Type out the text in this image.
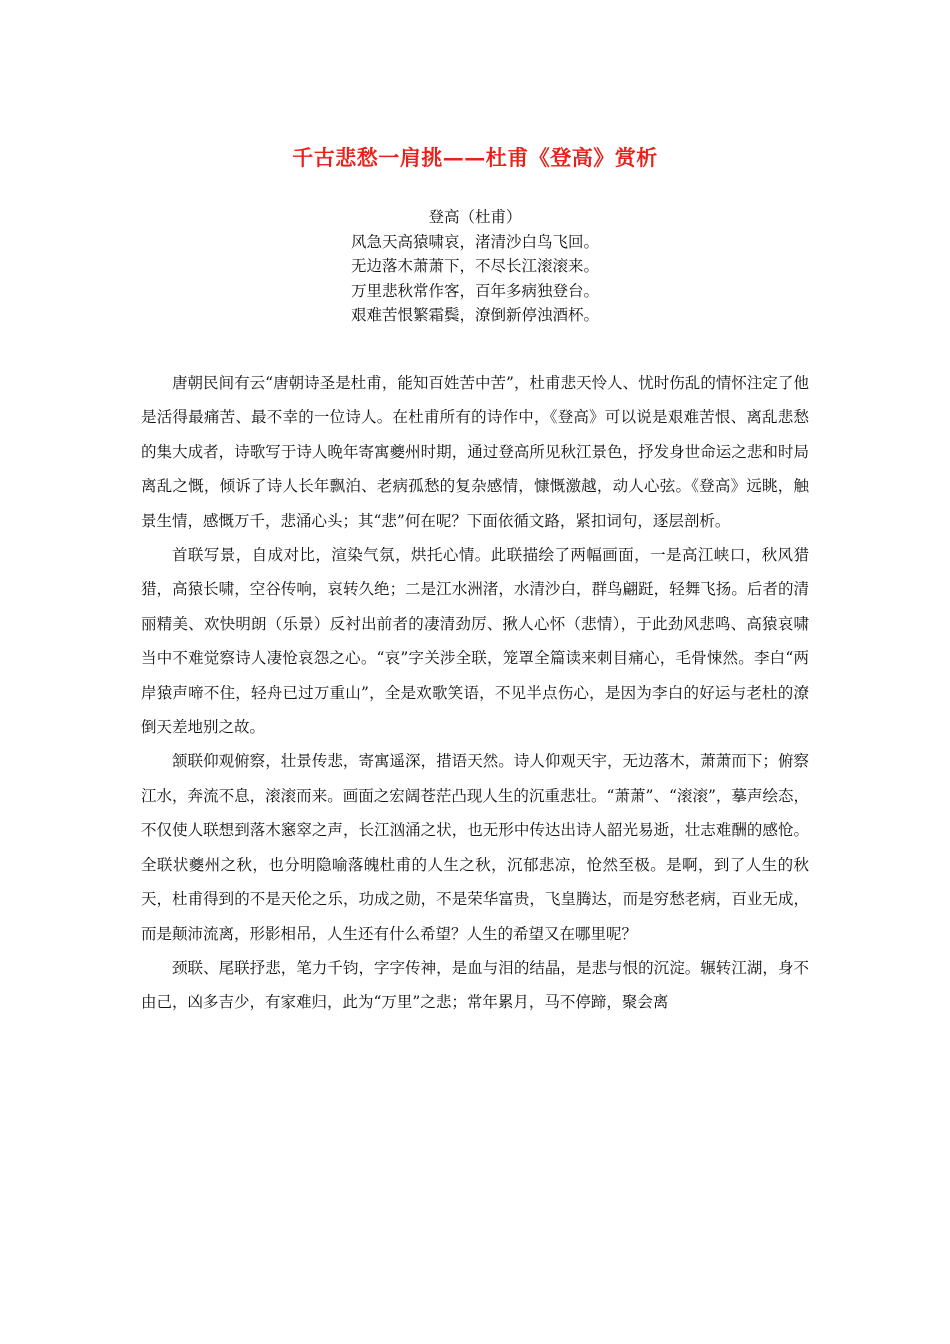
千古悲愁一肩挑——杜甫《登高》赏析
登高（杜甫）
风急天高猿啸哀，渚清沙白鸟飞回。
无边落木萧萧下，不尽长江滚滚来。
万里悲秋常作客，百年多病独登台。
艰难苦恨繁霜鬓，潦倒新停浊酒杯。

唐朝民间有云“唐朝诗圣是杜甫，能知百姓苦中苦”，杜甫悲天怜人、忧时伤乱的情怀注定了他是活得最痛苦、最不幸的一位诗人。在杜甫所有的诗作中，《登高》可以说是艰难苦恨、离乱悲愁的集大成者，诗歌写于诗人晚年寄寓夔州时期，通过登高所见秋江景色，抒发身世命运之悲和时局离乱之慨，倾诉了诗人长年飘泊、老病孤愁的复杂感情，慷慨激越，动人心弦。《登高》远眺，触景生情，感慨万千，悲涌心头；其“悲”何在呢？下面依循文路，紧扣词句，逐层剖析。

首联写景，自成对比，渲染气氛，烘托心情。此联描绘了两幅画面，一是高江峡口，秋风猎猎，高猿长啸，空谷传响，哀转久绝；二是江水洲渚，水清沙白，群鸟翩跹，轻舞飞扬。后者的清丽精美、欢快明朗（乐景）反衬出前者的凄清劲厉、揪人心怀（悲情），于此劲风悲鸣、高猿哀啸当中不难觉察诗人凄怆哀怨之心。“哀”字关涉全联，笼罩全篇读来刺目痛心，毛骨悚然。李白“两岸猿声啼不住，轻舟已过万重山”，全是欢歌笑语，不见半点伤心，是因为李白的好运与老杜的潦倒天差地别之故。

颔联仰观俯察，壮景传悲，寄寓遥深，措语天然。诗人仰观天宇，无边落木，萧萧而下；俯察江水，奔流不息，滚滚而来。画面之宏阔苍茫凸现人生的沉重悲壮。“萧萧”、“滚滚”，摹声绘态，不仅使人联想到落木窸窣之声，长江汹涌之状，也无形中传达出诗人韶光易逝，壮志难酬的感怆。全联状夔州之秋，也分明隐喻落魄杜甫的人生之秋，沉郁悲凉，怆然至极。是啊，到了人生的秋天，杜甫得到的不是天伦之乐，功成之勋，不是荣华富贵，飞皇腾达，而是穷愁老病，百业无成，而是颠沛流离，形影相吊，人生还有什么希望？人生的希望又在哪里呢？

颈联、尾联抒悲，笔力千钧，字字传神，是血与泪的结晶，是悲与恨的沉淀。辗转江湖，身不由己，凶多吉少，有家难归，此为“万里”之悲；常年累月，马不停蹄，聚会离
